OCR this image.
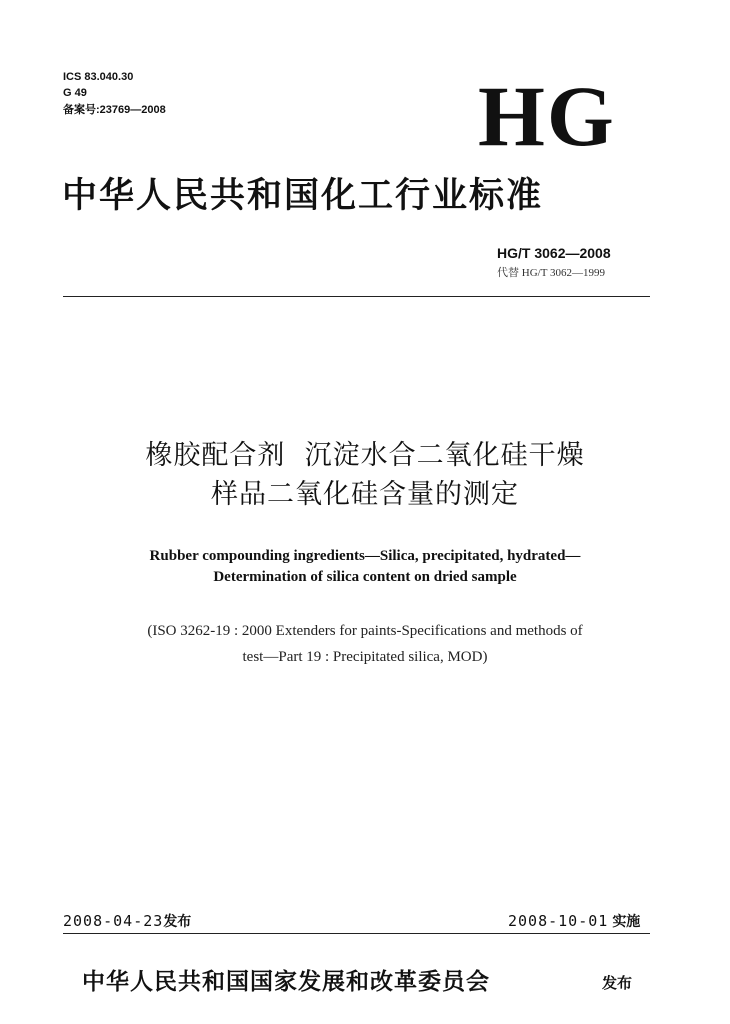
ICS 83.040.30
G 49
备案号:23769—2008	HG
中华人民共和国化工行业标准
HG/T 3062—2008
代替 HG/T 3062—1999
橡胶配合剂  沉淀水合二氧化硅干燥
样品二氧化硅含量的测定
Rubber compounding ingredients—Silica, precipitated, hydrated—
Determination of silica content on dried sample
(ISO 3262-19 : 2000 Extenders for paints-Specifications and methods of
test—Part 19 : Precipitated silica, MOD)
2008-04-23发布	2008-10-01 实施
中华人民共和国国家发展和改革委员会	发布
